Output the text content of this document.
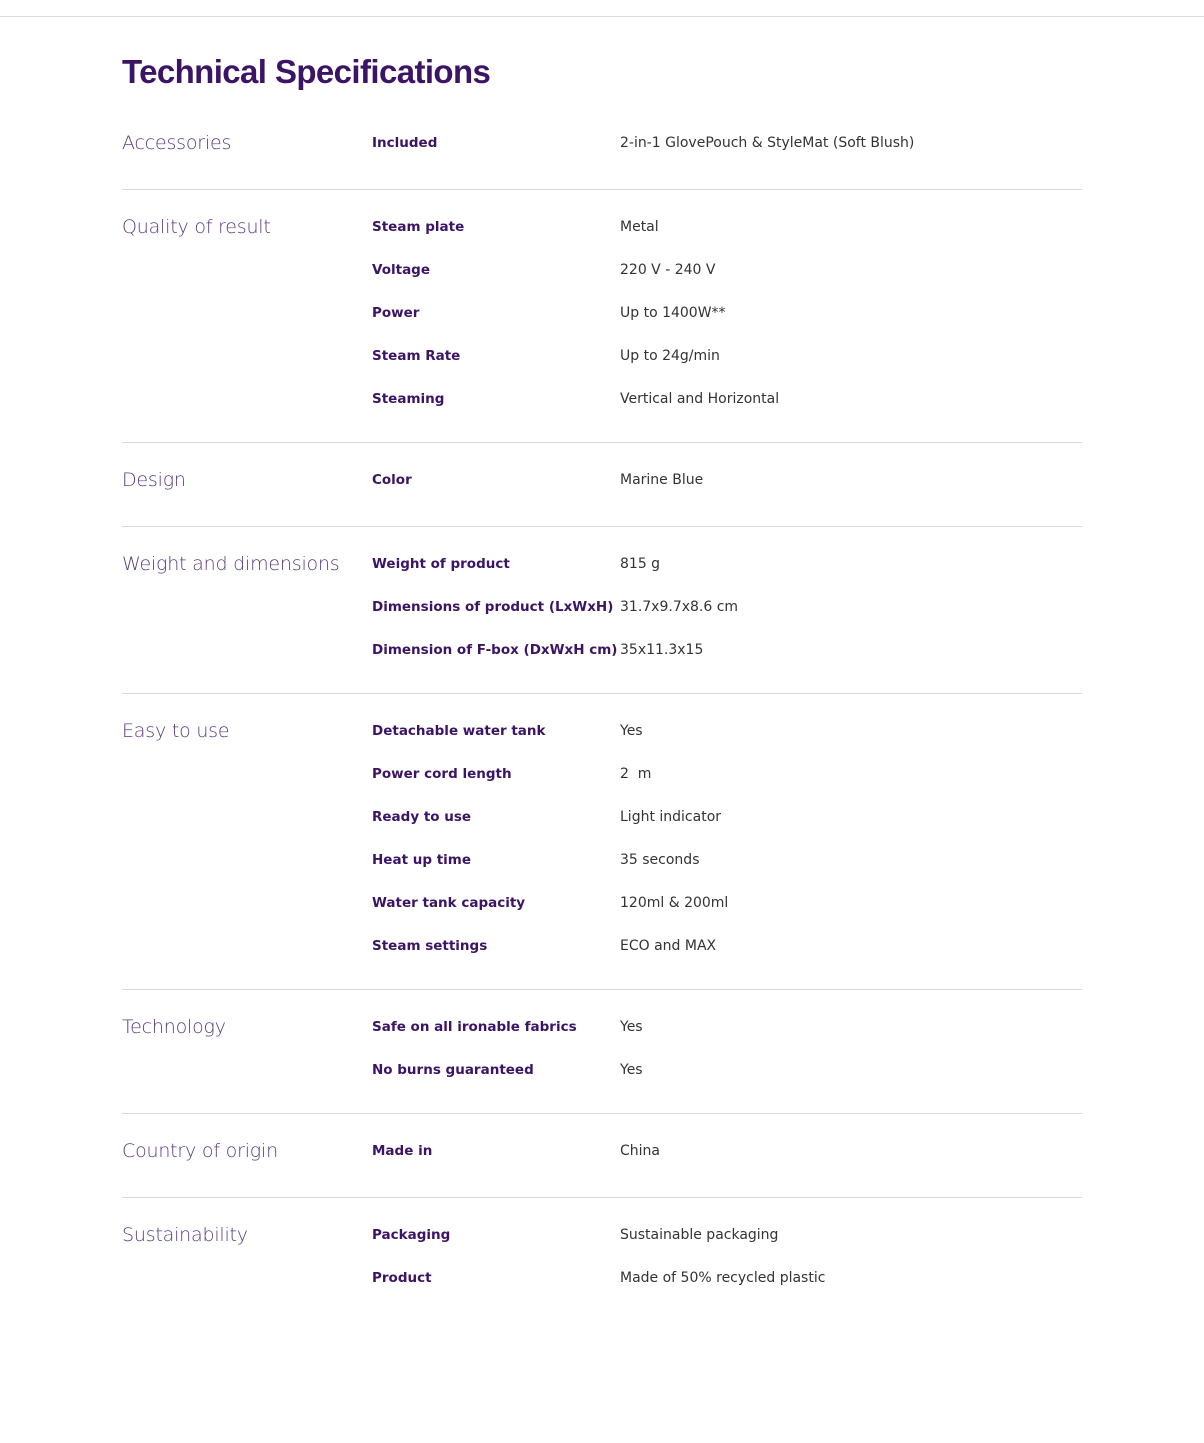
Technical Specifications
Accessories	Included	2-in-1 GlovePouch & StyleMat (Soft Blush)
Quality of result	Steam plate	Metal
Voltage	220 V - 240 V
Power	Up to 1400W**
Steam Rate	Up to 24g/min
Steaming	Vertical and Horizontal
Design	Color	Marine Blue
Weight and dimensions	Weight of product	815 g
Dimensions of product (LxWxH) 31.7x9.7x8.6 cm
Dimension of F-box (DxWxH cm) 35x11.3x15
Easy to use	Detachable water tank	Yes
Power cord length	2  m
Ready to use	Light indicator
Heat up time	35 seconds
Water tank capacity	120ml & 200ml
Steam settings	ECO and MAX
Technology	Safe on all ironable fabrics	Yes
No burns guaranteed	Yes
Country of origin	Made in	China
Sustainability	Packaging	Sustainable packaging
Product	Made of 50% recycled plastic
